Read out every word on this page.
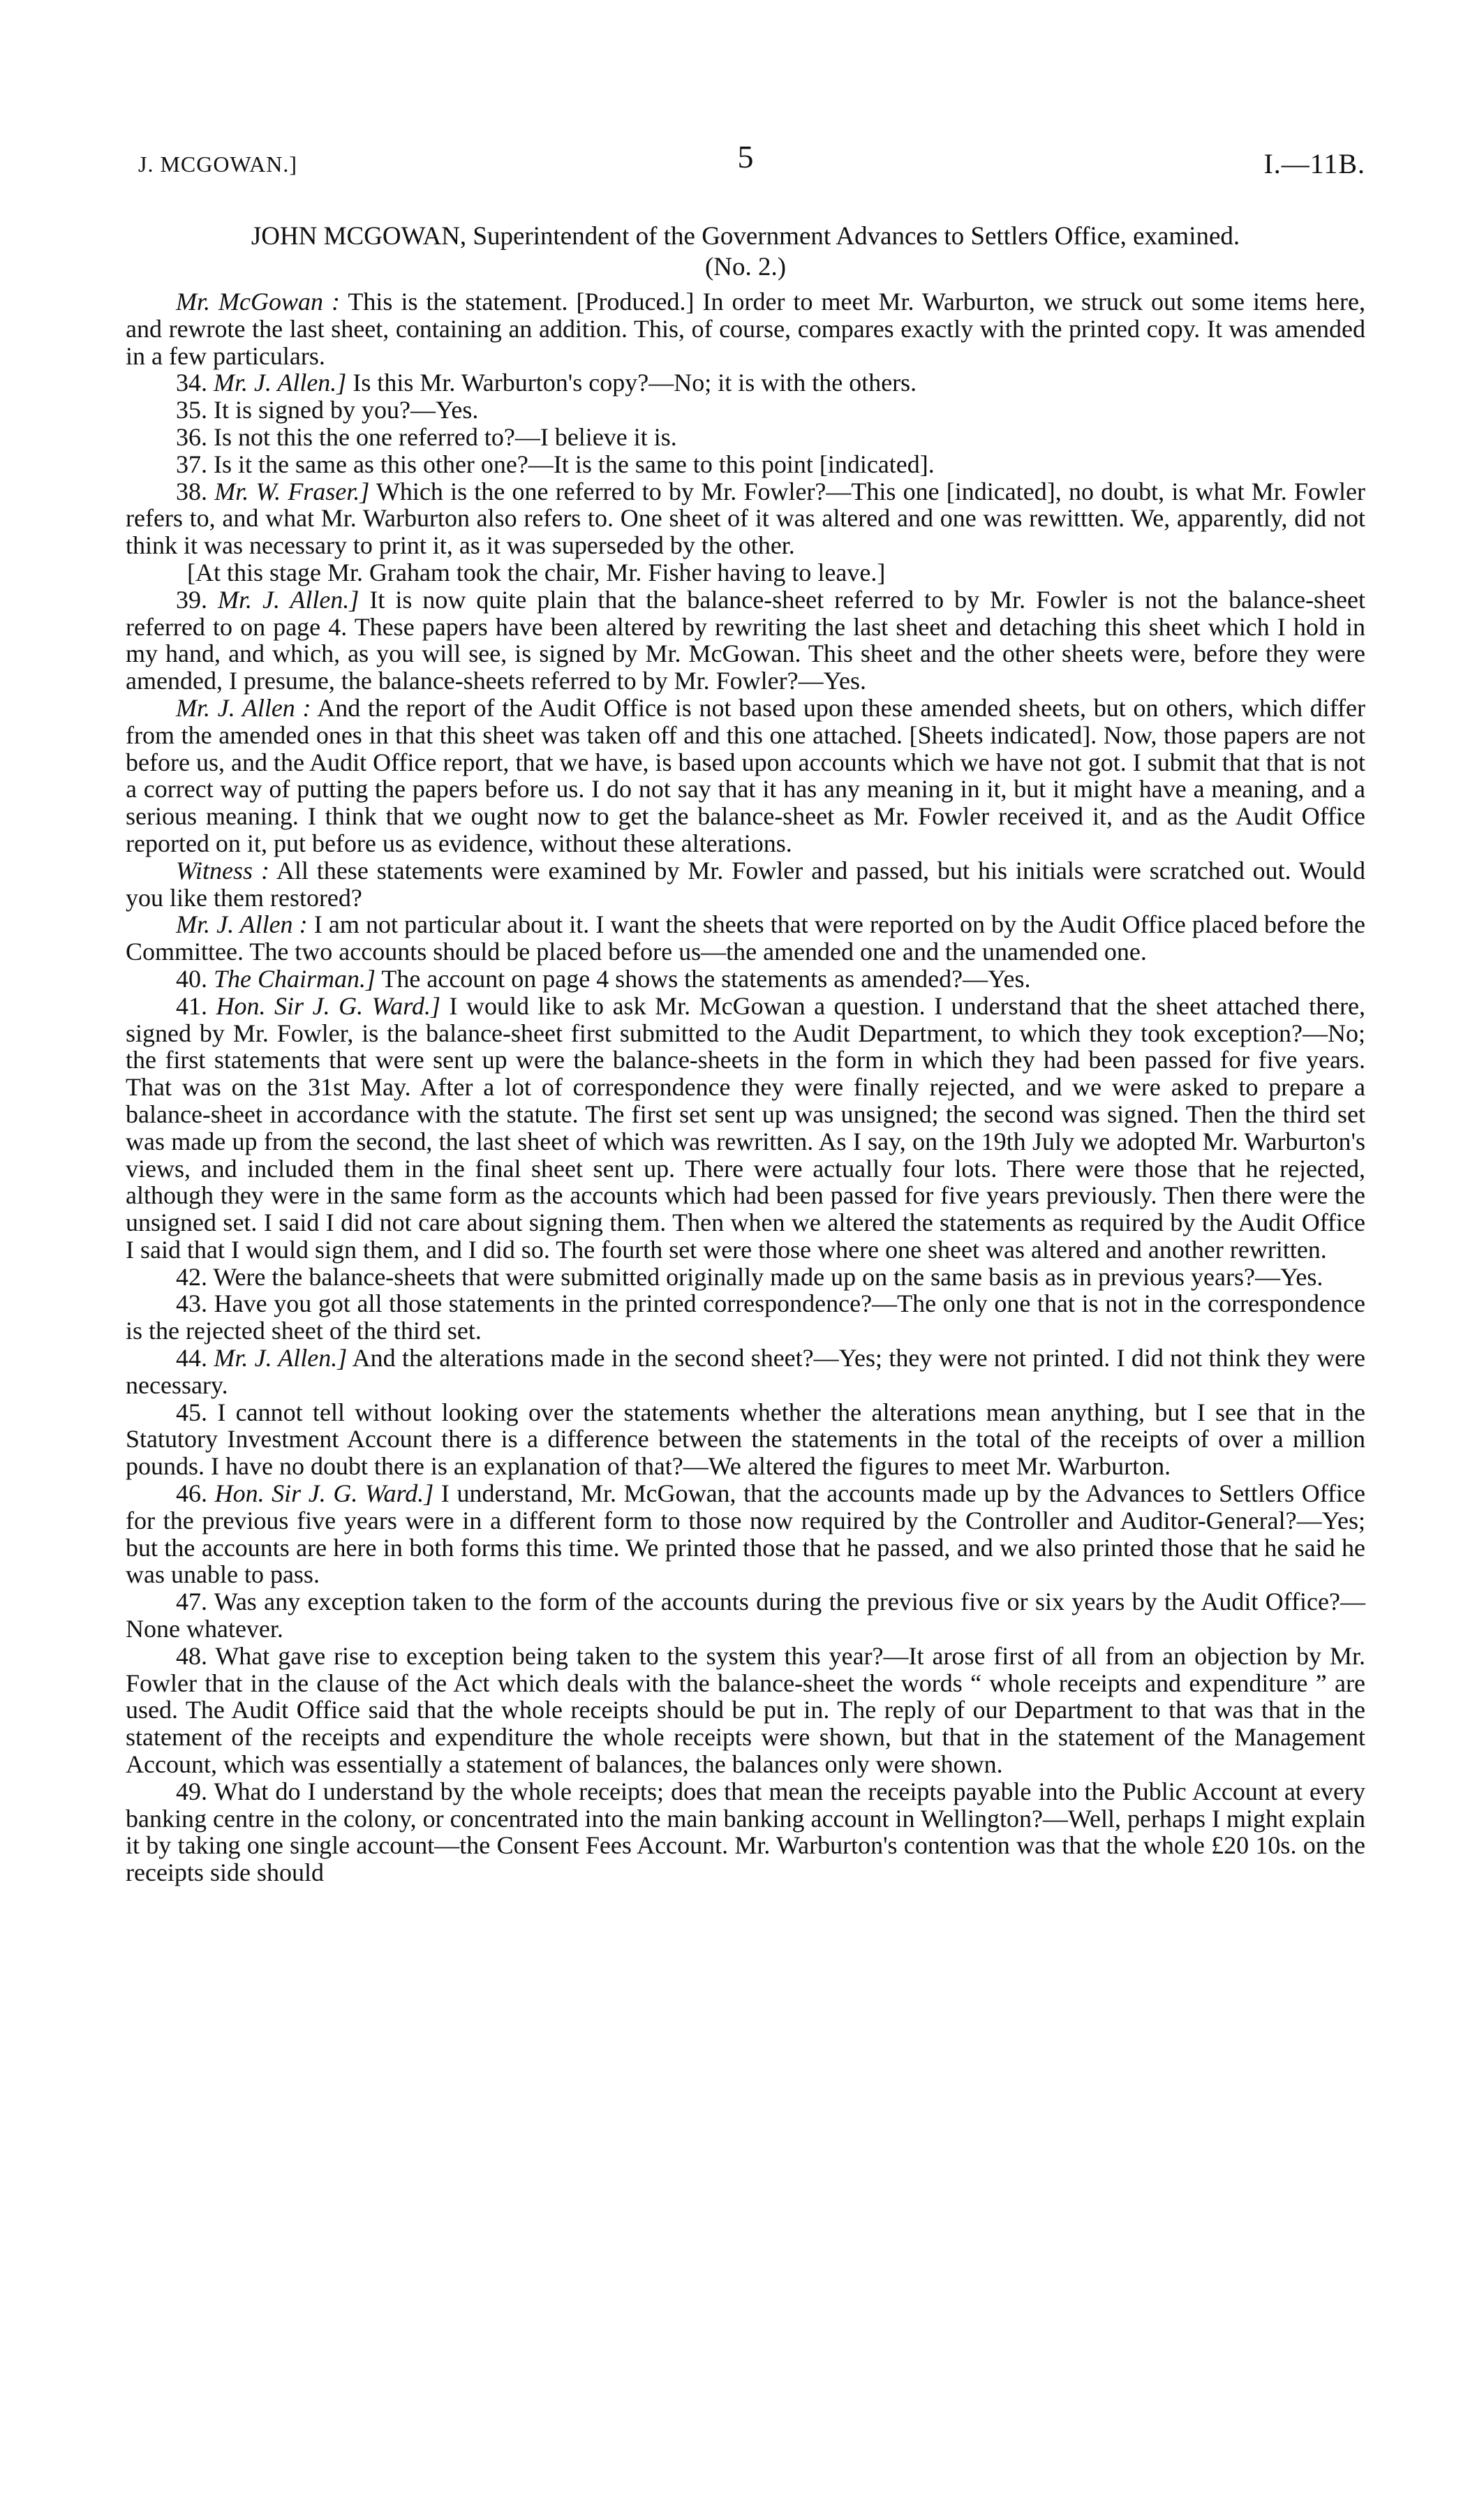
J. MCGOWAN.]	5	I.—11B.
JOHN MCGOWAN, Superintendent of the Government Advances to Settlers Office, examined.
(No. 2.)

Mr. McGowan : This is the statement. [Produced.] In order to meet Mr. Warburton, we struck out some items here, and rewrote the last sheet, containing an addition. This, of course, compares exactly with the printed copy. It was amended in a few particulars.

34. Mr. J. Allen.] Is this Mr. Warburton's copy?—No; it is with the others.

35. It is signed by you?—Yes.

36. Is not this the one referred to?—I believe it is.

37. Is it the same as this other one?—It is the same to this point [indicated].

38. Mr. W. Fraser.] Which is the one referred to by Mr. Fowler?—This one [indicated], no doubt, is what Mr. Fowler refers to, and what Mr. Warburton also refers to. One sheet of it was altered and one was rewittten. We, apparently, did not think it was necessary to print it, as it was superseded by the other.

[At this stage Mr. Graham took the chair, Mr. Fisher having to leave.]

39. Mr. J. Allen.] It is now quite plain that the balance-sheet referred to by Mr. Fowler is not the balance-sheet referred to on page 4. These papers have been altered by rewriting the last sheet and detaching this sheet which I hold in my hand, and which, as you will see, is signed by Mr. McGowan. This sheet and the other sheets were, before they were amended, I presume, the balance-sheets referred to by Mr. Fowler?—Yes.

Mr. J. Allen : And the report of the Audit Office is not based upon these amended sheets, but on others, which differ from the amended ones in that this sheet was taken off and this one attached. [Sheets indicated]. Now, those papers are not before us, and the Audit Office report, that we have, is based upon accounts which we have not got. I submit that that is not a correct way of putting the papers before us. I do not say that it has any meaning in it, but it might have a meaning, and a serious meaning. I think that we ought now to get the balance-sheet as Mr. Fowler received it, and as the Audit Office reported on it, put before us as evidence, without these alterations.

Witness : All these statements were examined by Mr. Fowler and passed, but his initials were scratched out. Would you like them restored?

Mr. J. Allen : I am not particular about it. I want the sheets that were reported on by the Audit Office placed before the Committee. The two accounts should be placed before us—the amended one and the unamended one.

40. The Chairman.] The account on page 4 shows the statements as amended?—Yes.

41. Hon. Sir J. G. Ward.] I would like to ask Mr. McGowan a question. I understand that the sheet attached there, signed by Mr. Fowler, is the balance-sheet first submitted to the Audit Department, to which they took exception?—No; the first statements that were sent up were the balance-sheets in the form in which they had been passed for five years. That was on the 31st May. After a lot of correspondence they were finally rejected, and we were asked to prepare a balance-sheet in accordance with the statute. The first set sent up was unsigned; the second was signed. Then the third set was made up from the second, the last sheet of which was rewritten. As I say, on the 19th July we adopted Mr. Warburton's views, and included them in the final sheet sent up. There were actually four lots. There were those that he rejected, although they were in the same form as the accounts which had been passed for five years previously. Then there were the unsigned set. I said I did not care about signing them. Then when we altered the statements as required by the Audit Office I said that I would sign them, and I did so. The fourth set were those where one sheet was altered and another rewritten.

42. Were the balance-sheets that were submitted originally made up on the same basis as in previous years?—Yes.

43. Have you got all those statements in the printed correspondence?—The only one that is not in the correspondence is the rejected sheet of the third set.

44. Mr. J. Allen.] And the alterations made in the second sheet?—Yes; they were not printed. I did not think they were necessary.

45. I cannot tell without looking over the statements whether the alterations mean anything, but I see that in the Statutory Investment Account there is a difference between the statements in the total of the receipts of over a million pounds. I have no doubt there is an explanation of that?—We altered the figures to meet Mr. Warburton.

46. Hon. Sir J. G. Ward.] I understand, Mr. McGowan, that the accounts made up by the Advances to Settlers Office for the previous five years were in a different form to those now required by the Controller and Auditor-General?—Yes; but the accounts are here in both forms this time. We printed those that he passed, and we also printed those that he said he was unable to pass.

47. Was any exception taken to the form of the accounts during the previous five or six years by the Audit Office?—None whatever.

48. What gave rise to exception being taken to the system this year?—It arose first of all from an objection by Mr. Fowler that in the clause of the Act which deals with the balance-sheet the words “ whole receipts and expenditure ” are used. The Audit Office said that the whole receipts should be put in. The reply of our Department to that was that in the statement of the receipts and expenditure the whole receipts were shown, but that in the statement of the Management Account, which was essentially a statement of balances, the balances only were shown.

49. What do I understand by the whole receipts; does that mean the receipts payable into the Public Account at every banking centre in the colony, or concentrated into the main banking account in Wellington?—Well, perhaps I might explain it by taking one single account—the Consent Fees Account. Mr. Warburton's contention was that the whole £20 10s. on the receipts side should
